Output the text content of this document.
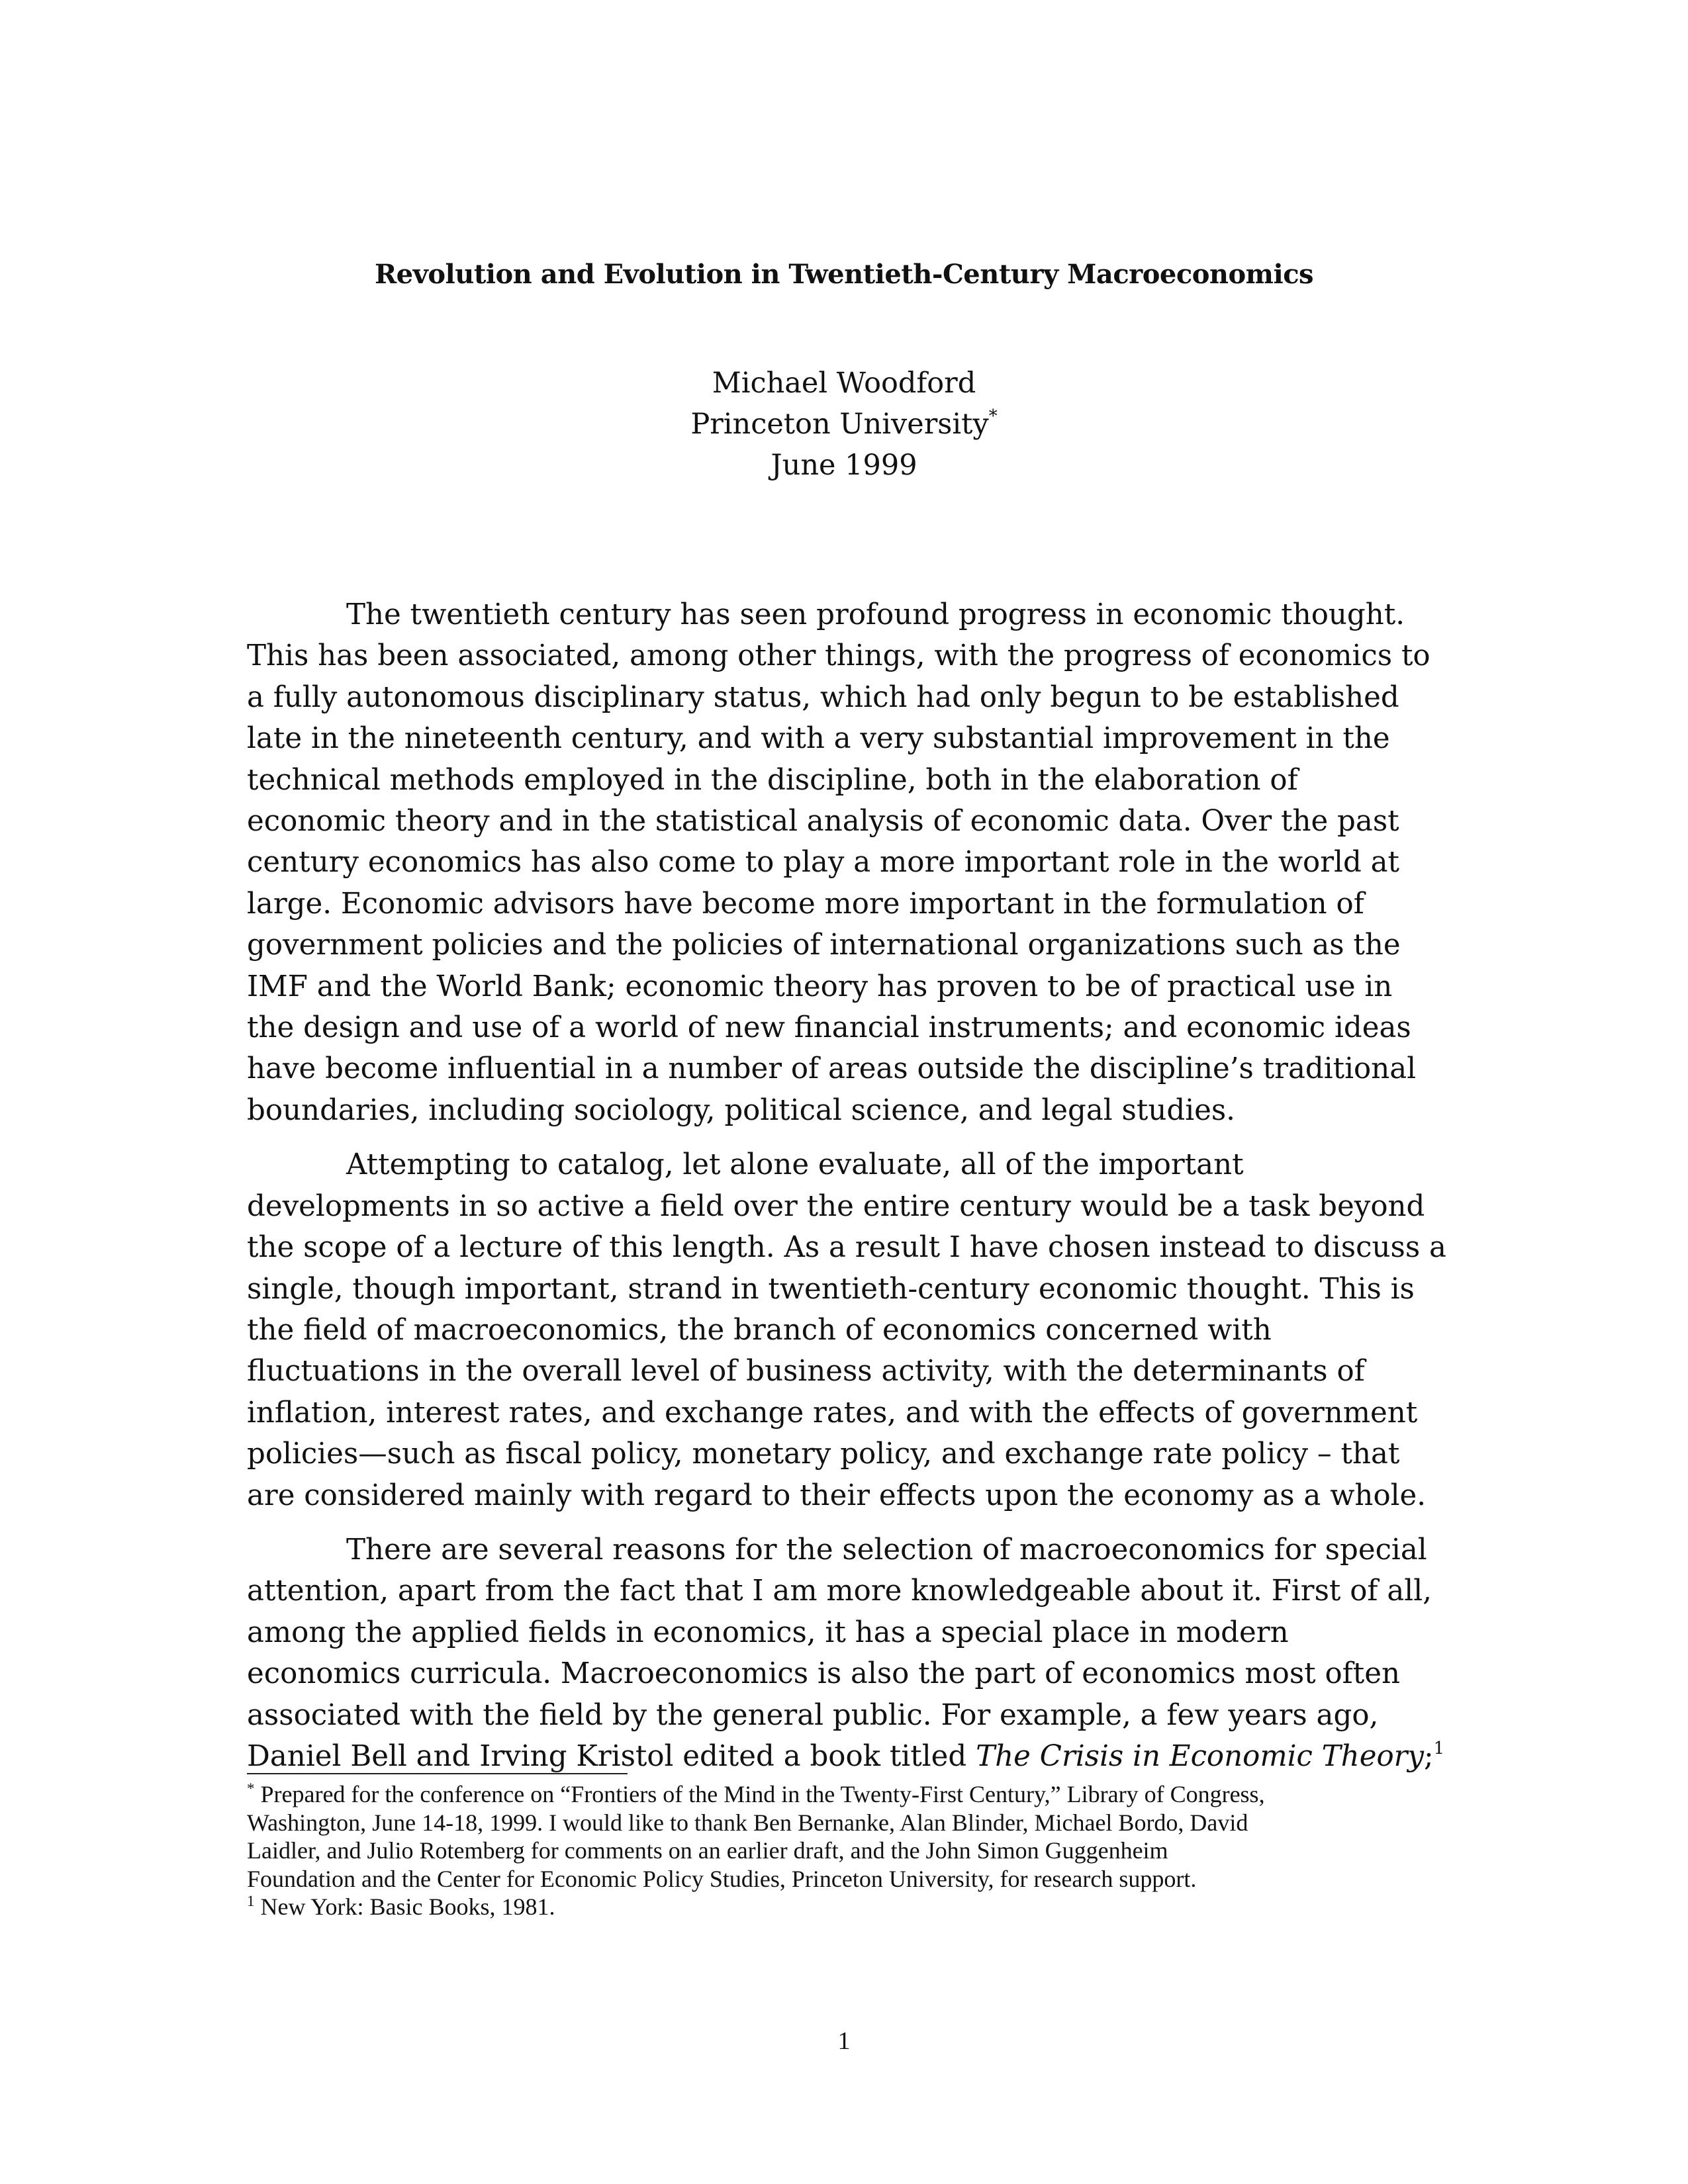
Revolution and Evolution in Twentieth-Century Macroeconomics
Michael Woodford
Princeton University*
June 1999

The twentieth century has seen profound progress in economic thought.
This has been associated, among other things, with the progress of economics to
a fully autonomous disciplinary status, which had only begun to be established
late in the nineteenth century, and with a very substantial improvement in the
technical methods employed in the discipline, both in the elaboration of
economic theory and in the statistical analysis of economic data. Over the past
century economics has also come to play a more important role in the world at
large. Economic advisors have become more important in the formulation of
government policies and the policies of international organizations such as the
IMF and the World Bank; economic theory has proven to be of practical use in
the design and use of a world of new financial instruments; and economic ideas
have become influential in a number of areas outside the discipline’s traditional
boundaries, including sociology, political science, and legal studies.

Attempting to catalog, let alone evaluate, all of the important
developments in so active a field over the entire century would be a task beyond
the scope of a lecture of this length. As a result I have chosen instead to discuss a
single, though important, strand in twentieth-century economic thought. This is
the field of macroeconomics, the branch of economics concerned with
fluctuations in the overall level of business activity, with the determinants of
inflation, interest rates, and exchange rates, and with the effects of government
policies—such as fiscal policy, monetary policy, and exchange rate policy – that
are considered mainly with regard to their effects upon the economy as a whole.

There are several reasons for the selection of macroeconomics for special
attention, apart from the fact that I am more knowledgeable about it. First of all,
among the applied fields in economics, it has a special place in modern
economics curricula. Macroeconomics is also the part of economics most often
associated with the field by the general public. For example, a few years ago,
Daniel Bell and Irving Kristol edited a book titled The Crisis in Economic Theory;$^1$

* Prepared for the conference on “Frontiers of the Mind in the Twenty-First Century,” Library of Congress,
Washington, June 14-18, 1999. I would like to thank Ben Bernanke, Alan Blinder, Michael Bordo, David
Laidler, and Julio Rotemberg for comments on an earlier draft, and the John Simon Guggenheim
Foundation and the Center for Economic Policy Studies, Princeton University, for research support.
$^1$ New York: Basic Books, 1981.
1
